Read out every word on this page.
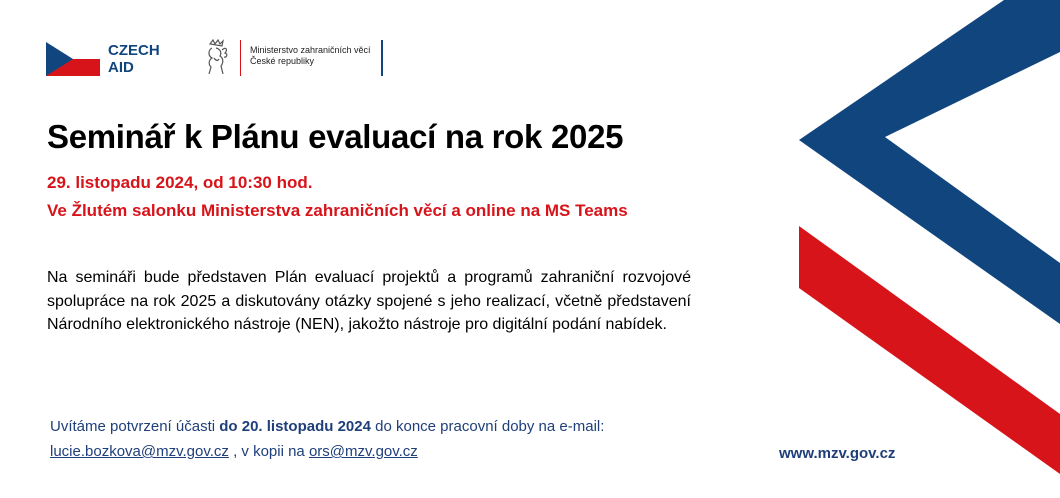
CZECH
AID
Ministerstvo zahraničních věcí
České republiky
Seminář k Plánu evaluací na rok 2025
29. listopadu 2024, od 10:30 hod.
Ve Žlutém salonku Ministerstva zahraničních věcí a online na MS Teams
Na semináři bude představen Plán evaluací projektů a programů zahraniční rozvojové spolupráce na rok 2025 a diskutovány otázky spojené s jeho realizací, včetně představení Národního elektronického nástroje (NEN), jakožto nástroje pro digitální podání nabídek.
Uvítáme potvrzení účasti do 20. listopadu 2024 do konce pracovní doby na e-mail:
lucie.bozkova@mzv.gov.cz , v kopii na ors@mzv.gov.cz	www.mzv.gov.cz
